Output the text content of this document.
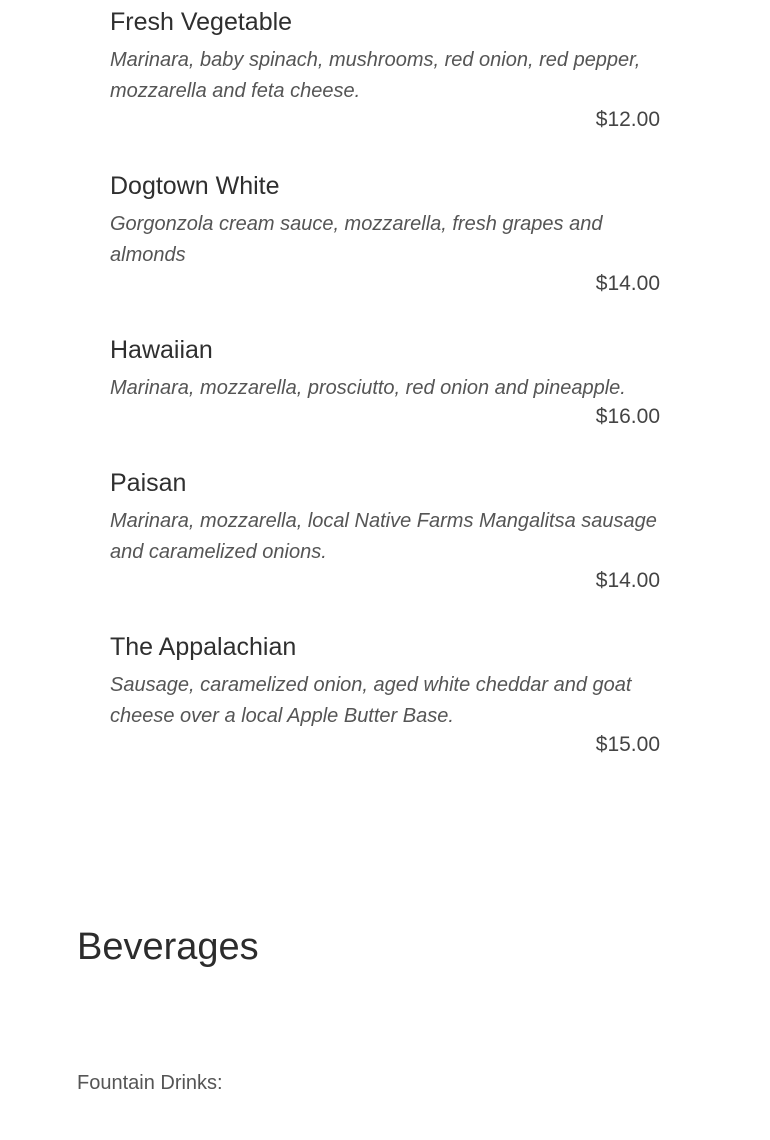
Fresh Vegetable

Marinara, baby spinach, mushrooms, red onion, red pepper, mozzarella and feta cheese.

$12.00

Dogtown White

Gorgonzola cream sauce, mozzarella, fresh grapes and almonds

$14.00

Hawaiian

Marinara, mozzarella, prosciutto, red onion and pineapple.

$16.00

Paisan

Marinara, mozzarella, local Native Farms Mangalitsa sausage and caramelized onions.

$14.00

The Appalachian

Sausage, caramelized onion, aged white cheddar and goat cheese over a local Apple Butter Base.

$15.00

Beverages

Fountain Drinks:
